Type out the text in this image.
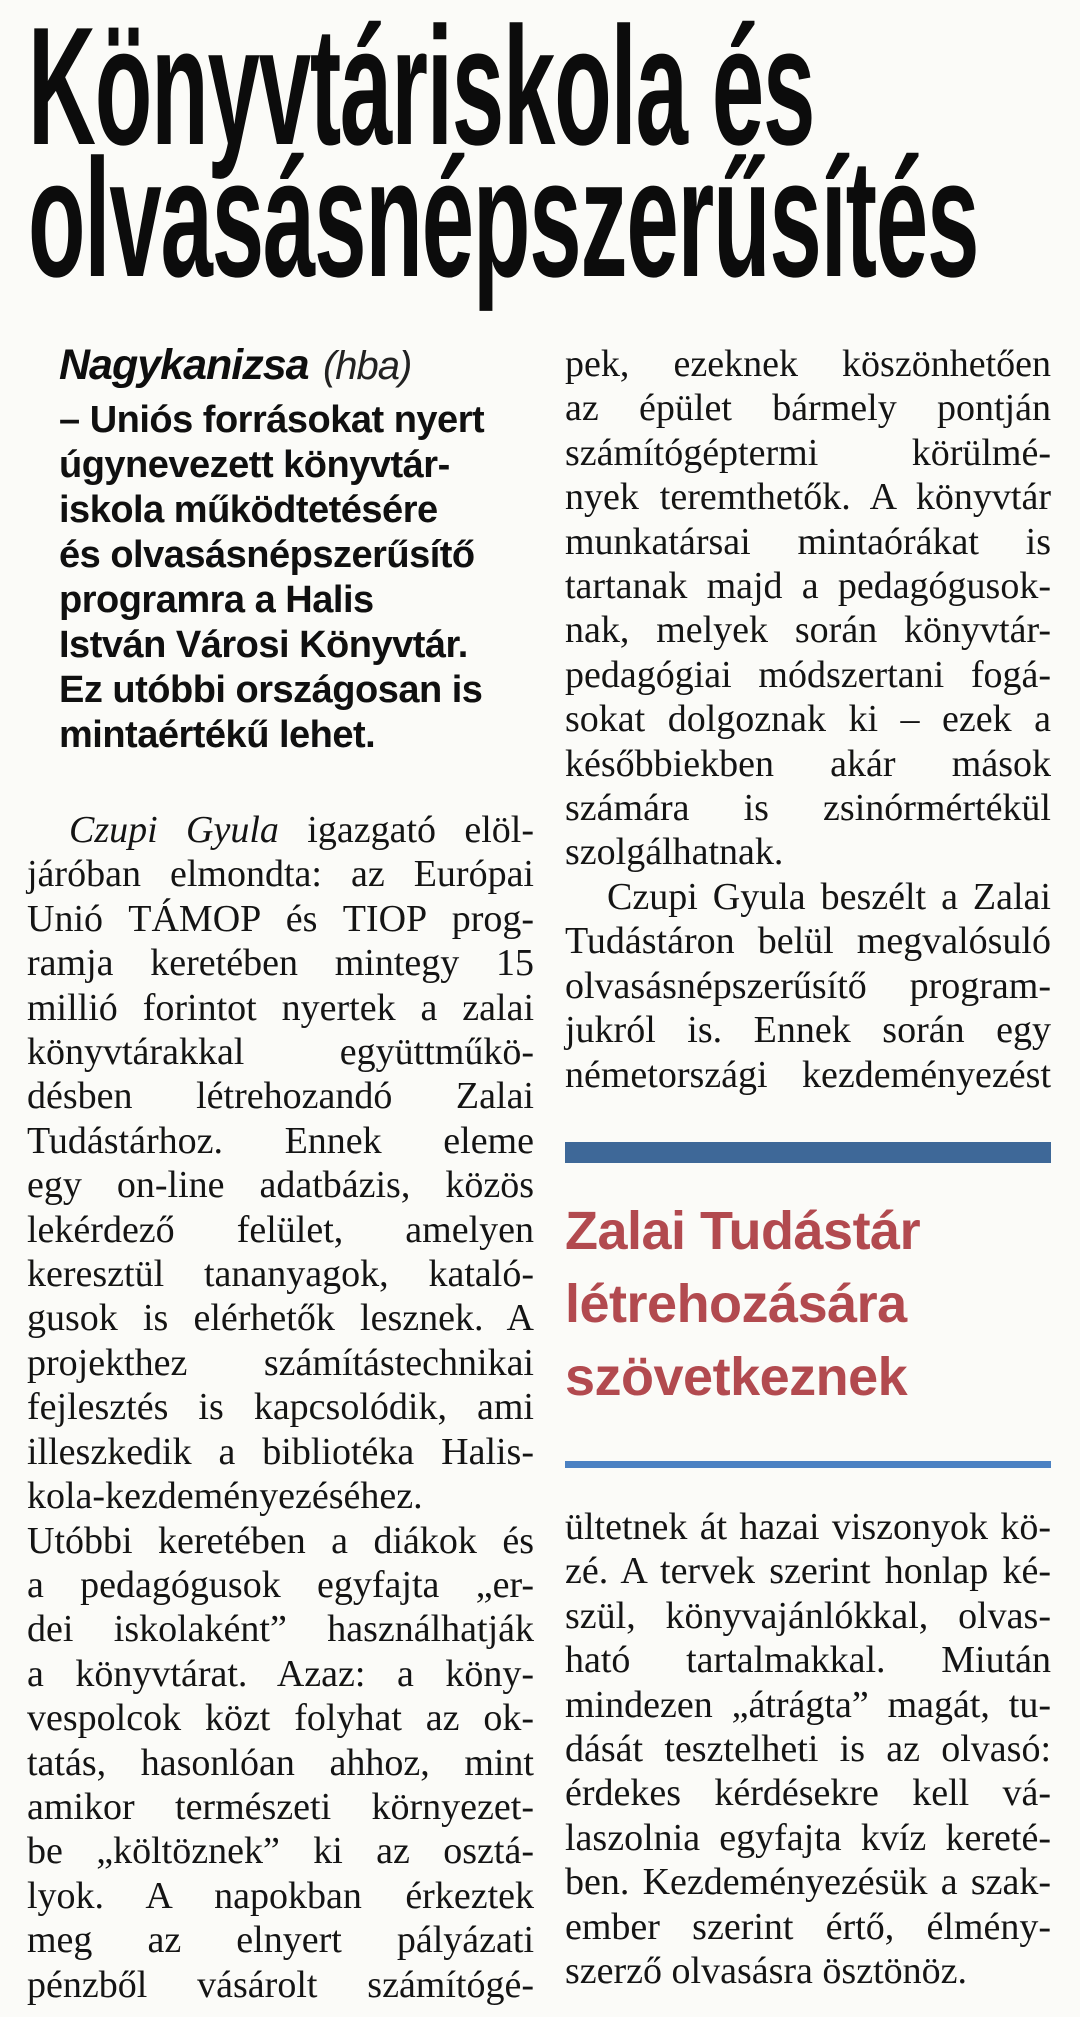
Könyvtáriskola és
olvasásnépszerűsítés
Nagykanizsa (hba)
– Uniós forrásokat nyert
úgynevezett könyvtár-
iskola működtetésére
és olvasásnépszerűsítő
programra a Halis
István Városi Könyvtár.
Ez utóbbi országosan is
mintaértékű lehet.
Czupi Gyula igazgató elöl-
járóban elmondta: az Európai
Unió TÁMOP és TIOP prog-
ramja keretében mintegy 15
millió forintot nyertek a zalai
könyvtárakkal együttműkö-
désben létrehozandó Zalai
Tudástárhoz. Ennek eleme
egy on-line adatbázis, közös
lekérdező felület, amelyen
keresztül tananyagok, kataló-
gusok is elérhetők lesznek. A
projekthez számítástechnikai
fejlesztés is kapcsolódik, ami
illeszkedik a bibliotéka Halis-
kola-kezdeményezéséhez.
Utóbbi keretében a diákok és
a pedagógusok egyfajta „er-
dei iskolaként” használhatják
a könyvtárat. Azaz: a köny-
vespolcok közt folyhat az ok-
tatás, hasonlóan ahhoz, mint
amikor természeti környezet-
be „költöznek” ki az osztá-
lyok. A napokban érkeztek
meg az elnyert pályázati
pénzből vásárolt számítógé-
pek, ezeknek köszönhetően
az épület bármely pontján
számítógéptermi körülmé-
nyek teremthetők. A könyvtár
munkatársai mintaórákat is
tartanak majd a pedagógusok-
nak, melyek során könyvtár-
pedagógiai módszertani fogá-
sokat dolgoznak ki – ezek a
későbbiekben akár mások
számára is zsinórmértékül
szolgálhatnak.
Czupi Gyula beszélt a Zalai
Tudástáron belül megvalósuló
olvasásnépszerűsítő program-
jukról is. Ennek során egy
németországi kezdeményezést
Zalai Tudástár
létrehozására
szövetkeznek
ültetnek át hazai viszonyok kö-
zé. A tervek szerint honlap ké-
szül, könyvajánlókkal, olvas-
ható tartalmakkal. Miután
mindezen „átrágta” magát, tu-
dását tesztelheti is az olvasó:
érdekes kérdésekre kell vá-
laszolnia egyfajta kvíz kereté-
ben. Kezdeményezésük a szak-
ember szerint értő, élmény-
szerző olvasásra ösztönöz.
